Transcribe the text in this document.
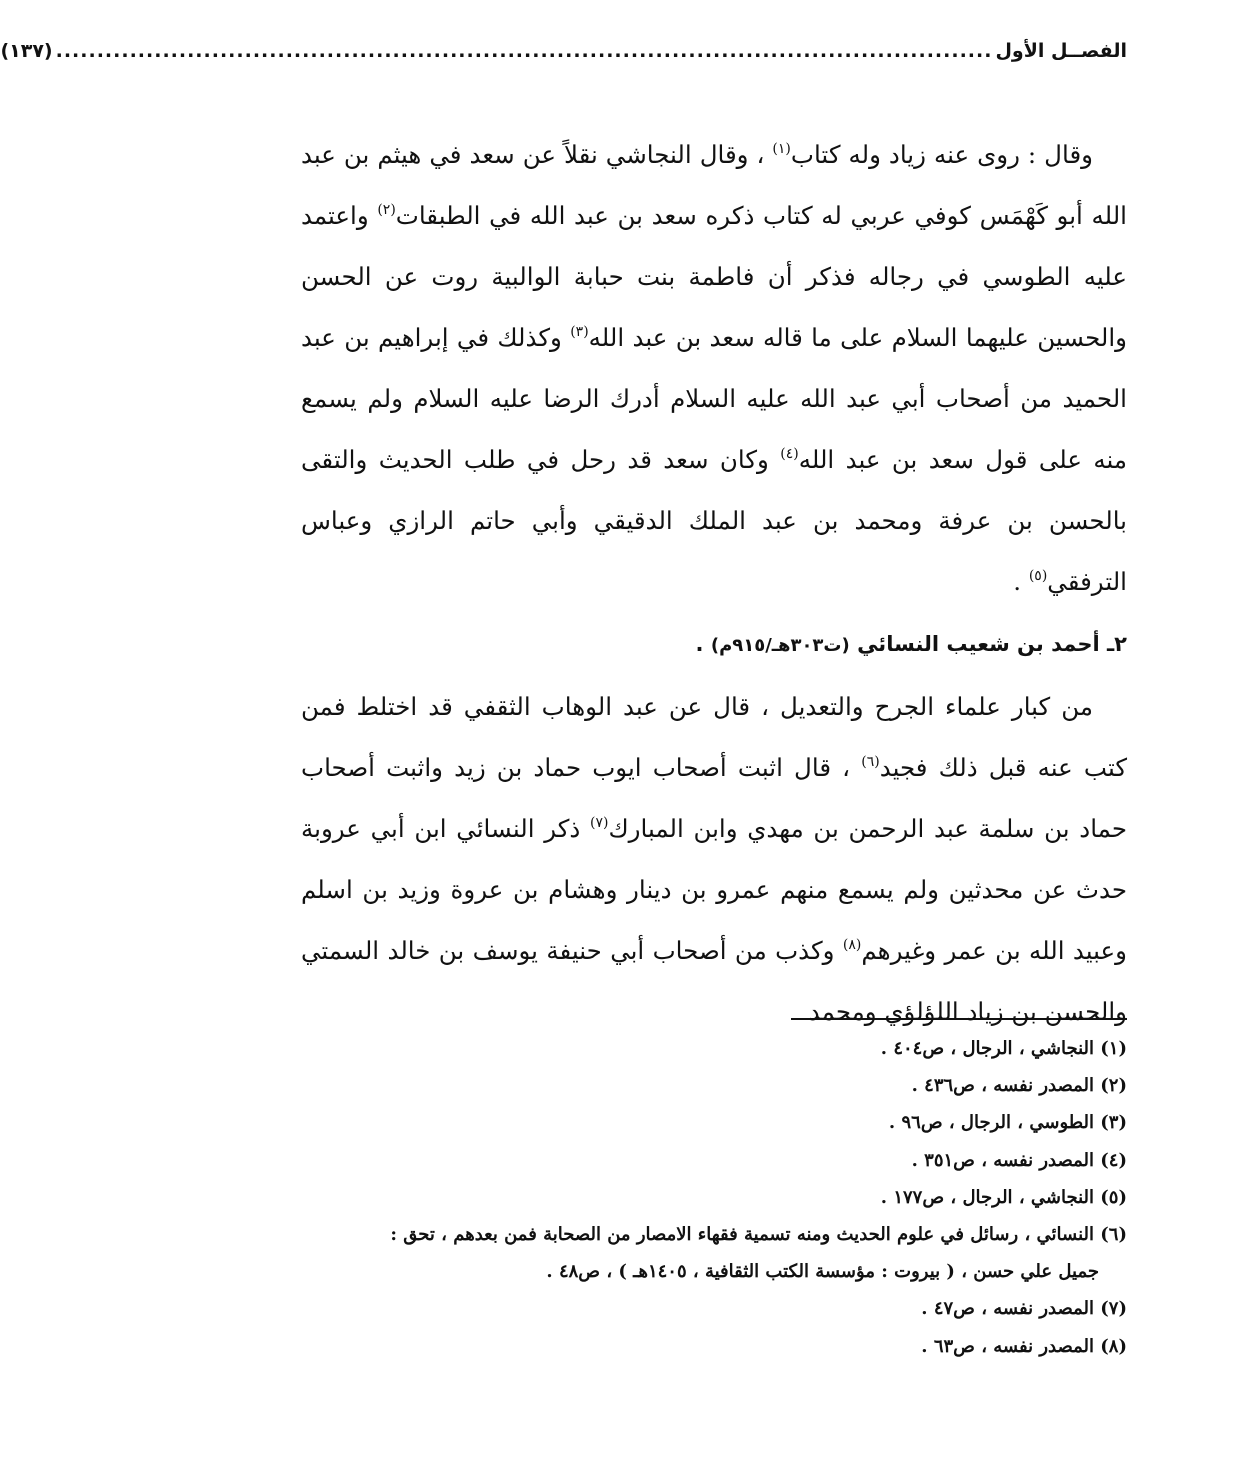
الفصــل الأول
..................................................................................................................
(١٣٧)

وقال : روى عنه زياد وله كتاب$^{(١)}$ ، وقال النجاشي نقلاً عن سعد في هيثم بن عبد الله أبو كَهْمَس كوفي عربي له كتاب ذكره سعد بن عبد الله في الطبقات$^{(٢)}$ واعتمد عليه الطوسي في رجاله فذكر أن فاطمة بنت حبابة الوالبية روت عن الحسن والحسين عليهما السلام على ما قاله سعد بن عبد الله$^{(٣)}$ وكذلك في إبراهيم بن عبد الحميد من أصحاب أبي عبد الله عليه السلام أدرك الرضا عليه السلام ولم يسمع منه على قول سعد بن عبد الله$^{(٤)}$ وكان سعد قد رحل في طلب الحديث والتقى بالحسن بن عرفة ومحمد بن عبد الملك الدقيقي وأبي حاتم الرازي وعباس الترفقي$^{(٥)}$ .

٢ـ أحمد بن شعيب النسائي (ت٣٠٣هـ/٩١٥م) .

من كبار علماء الجرح والتعديل ، قال عن عبد الوهاب الثقفي قد اختلط فمن كتب عنه قبل ذلك فجيد$^{(٦)}$ ، قال اثبت أصحاب ايوب حماد بن زيد واثبت أصحاب حماد بن سلمة عبد الرحمن بن مهدي وابن المبارك$^{(٧)}$ ذكر النسائي ابن أبي عروبة حدث عن محدثين ولم يسمع منهم عمرو بن دينار وهشام بن عروة وزيد بن اسلم وعبيد الله بن عمر وغيرهم$^{(٨)}$ وكذب من أصحاب أبي حنيفة يوسف بن خالد السمتي والحسن بن زياد اللؤلؤي ومحمد

(١) النجاشي ، الرجال ، ص٤٠٤ .

(٢) المصدر نفسه ، ص٤٣٦ .

(٣) الطوسي ، الرجال ، ص٩٦ .

(٤) المصدر نفسه ، ص٣٥١ .

(٥) النجاشي ، الرجال ، ص١٧٧ .

(٦) النسائي ، رسائل في علوم الحديث ومنه تسمية فقهاء الامصار من الصحابة فمن بعدهم ، تحق :

جميل علي حسن ، ( بيروت : مؤسسة الكتب الثقافية ، ١٤٠٥هـ ) ، ص٤٨ .

(٧) المصدر نفسه ، ص٤٧ .

(٨) المصدر نفسه ، ص٦٣ .
